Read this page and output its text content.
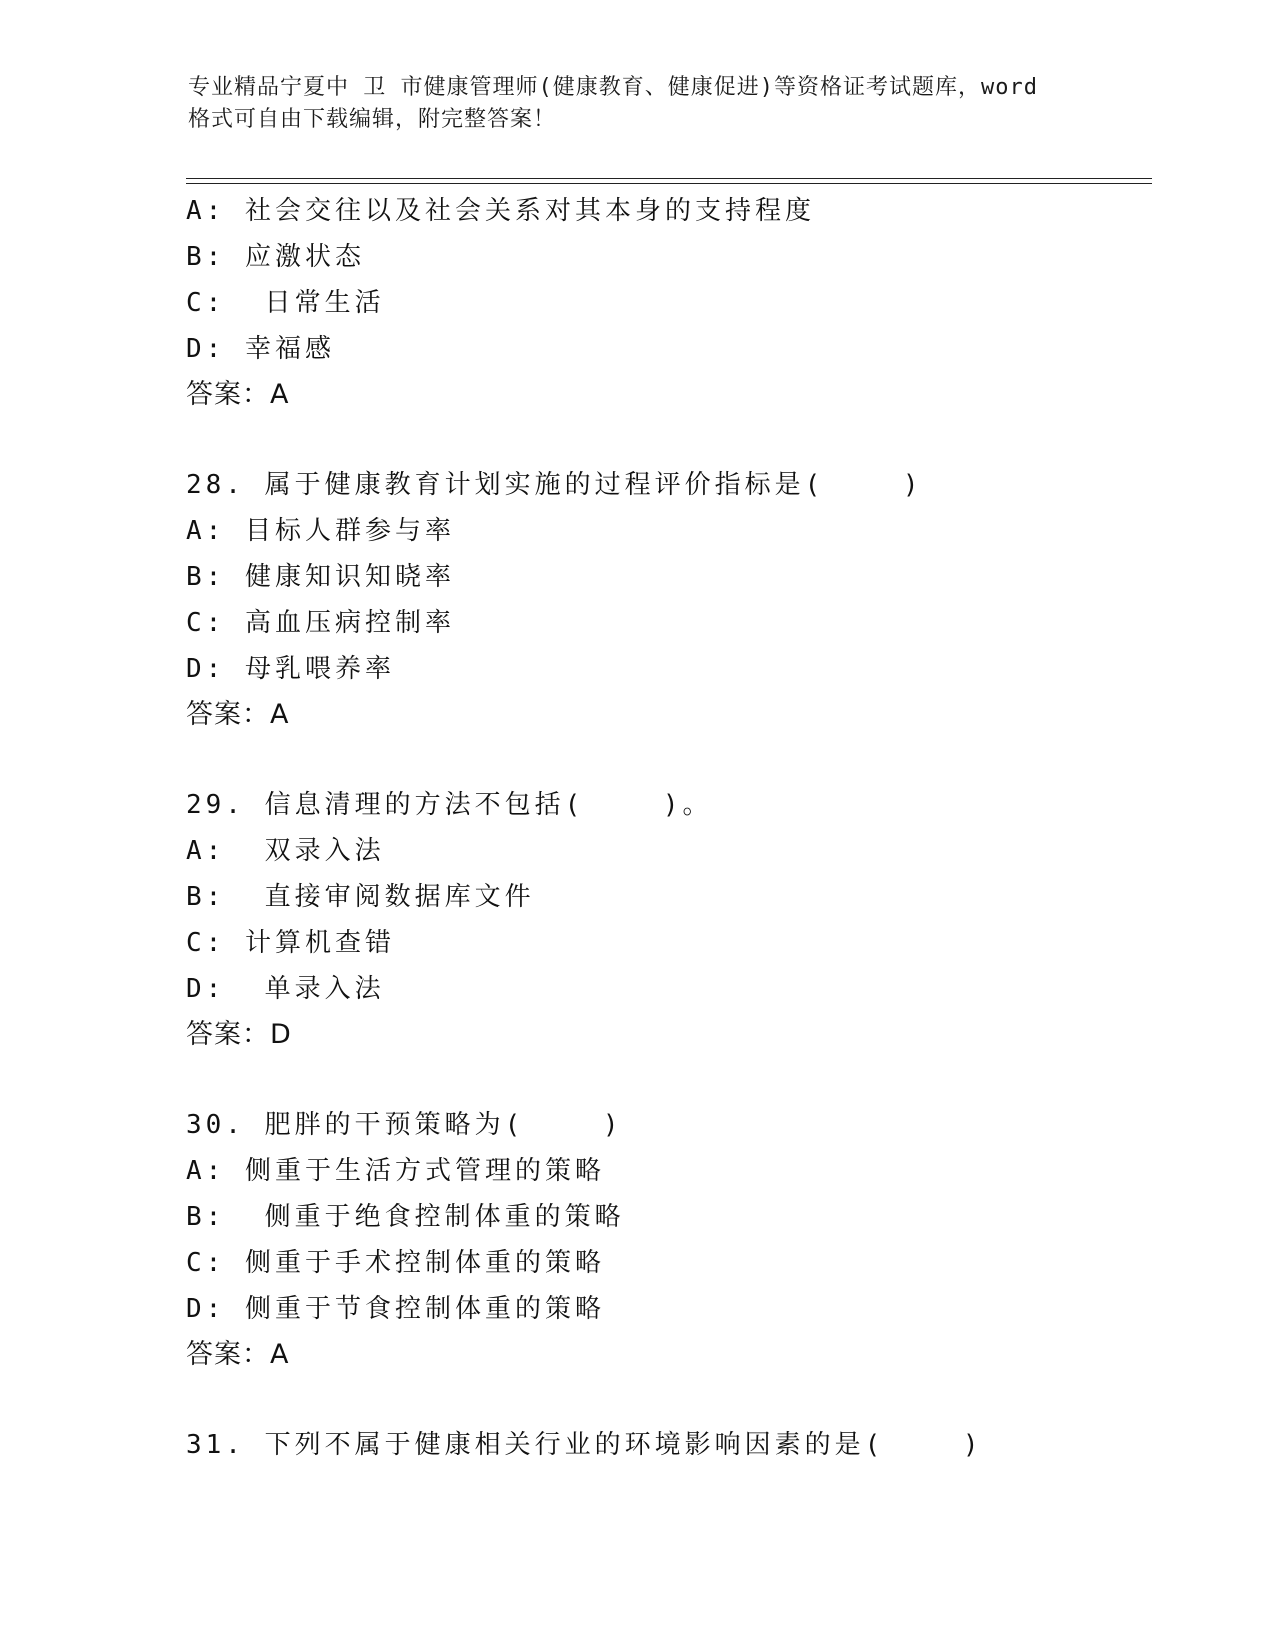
专业精品宁夏中 卫 市健康管理师(健康教育、健康促进)等资格证考试题库，word
格式可自由下载编辑，附完整答案！
A: 社会交往以及社会关系对其本身的支持程度
B: 应激状态
C:  日常生活
D: 幸福感
答案：A
28. 属于健康教育计划实施的过程评价指标是(    )
A: 目标人群参与率
B: 健康知识知晓率
C: 高血压病控制率
D: 母乳喂养率
答案：A
29. 信息清理的方法不包括(    )。
A:  双录入法
B:  直接审阅数据库文件
C: 计算机查错
D:  单录入法
答案：D
30. 肥胖的干预策略为(    )
A: 侧重于生活方式管理的策略
B:  侧重于绝食控制体重的策略
C: 侧重于手术控制体重的策略
D: 侧重于节食控制体重的策略
答案：A
31. 下列不属于健康相关行业的环境影响因素的是(    )
